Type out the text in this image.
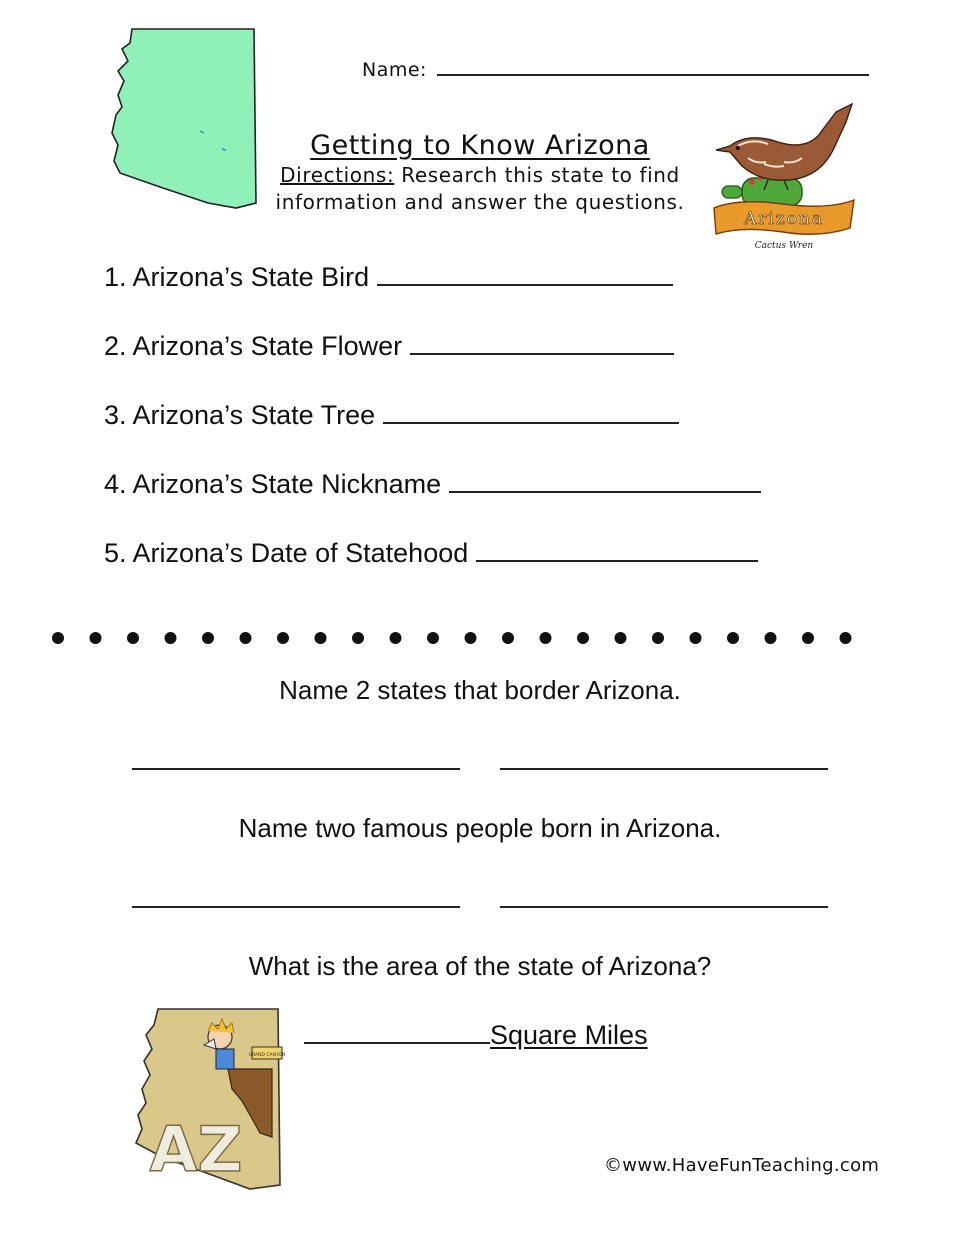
Name:
Getting to Know Arizona
Directions: Research this state to find
information and answer the questions.
Arizona
Cactus Wren
1. Arizona’s State Bird
2. Arizona’s State Flower
3. Arizona’s State Tree
4. Arizona’s State Nickname
5. Arizona’s Date of Statehood
Name 2 states that border Arizona.
Name two famous people born in Arizona.
What is the area of the state of Arizona?
Square Miles
GRAND CANYON
AZ	©www.HaveFunTeaching.com
